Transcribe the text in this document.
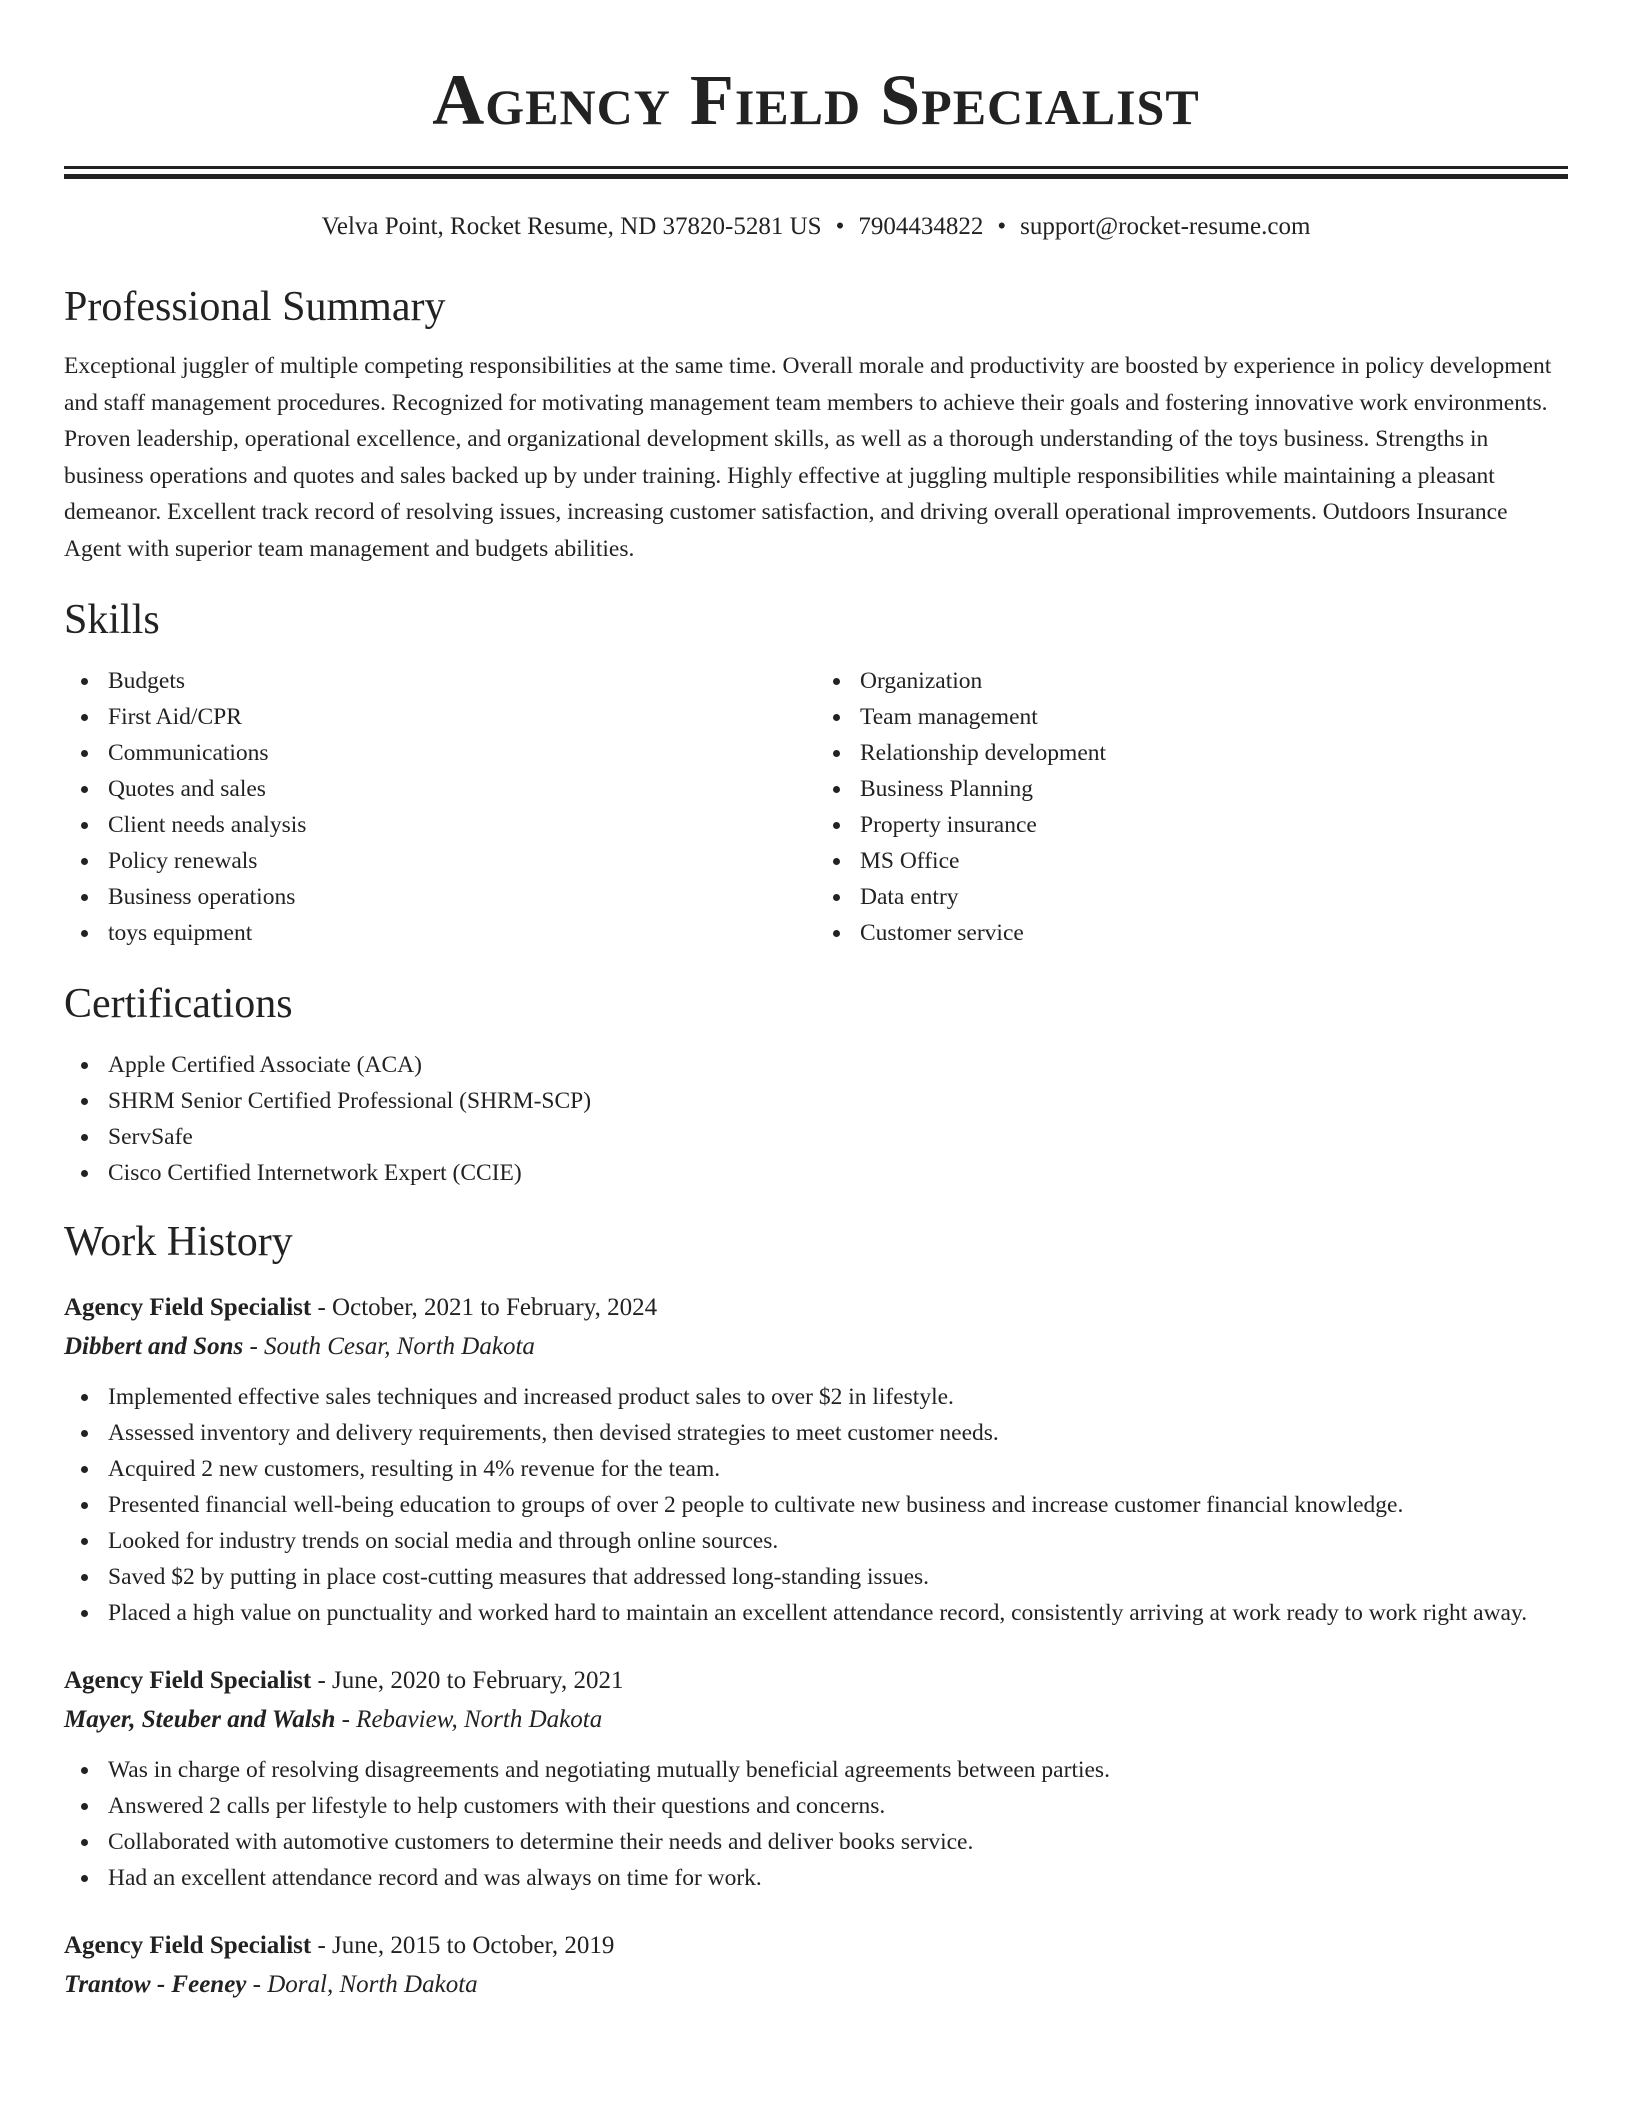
Agency Field Specialist
Velva Point, Rocket Resume, ND 37820-5281 US • 7904434822 • support@rocket-resume.com
Professional Summary
Exceptional juggler of multiple competing responsibilities at the same time. Overall morale and productivity are boosted by experience in policy development and staff management procedures. Recognized for motivating management team members to achieve their goals and fostering innovative work environments. Proven leadership, operational excellence, and organizational development skills, as well as a thorough understanding of the toys business. Strengths in business operations and quotes and sales backed up by under training. Highly effective at juggling multiple responsibilities while maintaining a pleasant demeanor. Excellent track record of resolving issues, increasing customer satisfaction, and driving overall operational improvements. Outdoors Insurance Agent with superior team management and budgets abilities.
Skills
Budgets
First Aid/CPR
Communications
Quotes and sales
Client needs analysis
Policy renewals
Business operations
toys equipment
Organization
Team management
Relationship development
Business Planning
Property insurance
MS Office
Data entry
Customer service
Certifications
Apple Certified Associate (ACA)
SHRM Senior Certified Professional (SHRM-SCP)
ServSafe
Cisco Certified Internetwork Expert (CCIE)
Work History
Agency Field Specialist - October, 2021 to February, 2024
Dibbert and Sons - South Cesar, North Dakota
Implemented effective sales techniques and increased product sales to over $2 in lifestyle.
Assessed inventory and delivery requirements, then devised strategies to meet customer needs.
Acquired 2 new customers, resulting in 4% revenue for the team.
Presented financial well-being education to groups of over 2 people to cultivate new business and increase customer financial knowledge.
Looked for industry trends on social media and through online sources.
Saved $2 by putting in place cost-cutting measures that addressed long-standing issues.
Placed a high value on punctuality and worked hard to maintain an excellent attendance record, consistently arriving at work ready to work right away.
Agency Field Specialist - June, 2020 to February, 2021
Mayer, Steuber and Walsh - Rebaview, North Dakota
Was in charge of resolving disagreements and negotiating mutually beneficial agreements between parties.
Answered 2 calls per lifestyle to help customers with their questions and concerns.
Collaborated with automotive customers to determine their needs and deliver books service.
Had an excellent attendance record and was always on time for work.
Agency Field Specialist - June, 2015 to October, 2019
Trantow - Feeney - Doral, North Dakota
